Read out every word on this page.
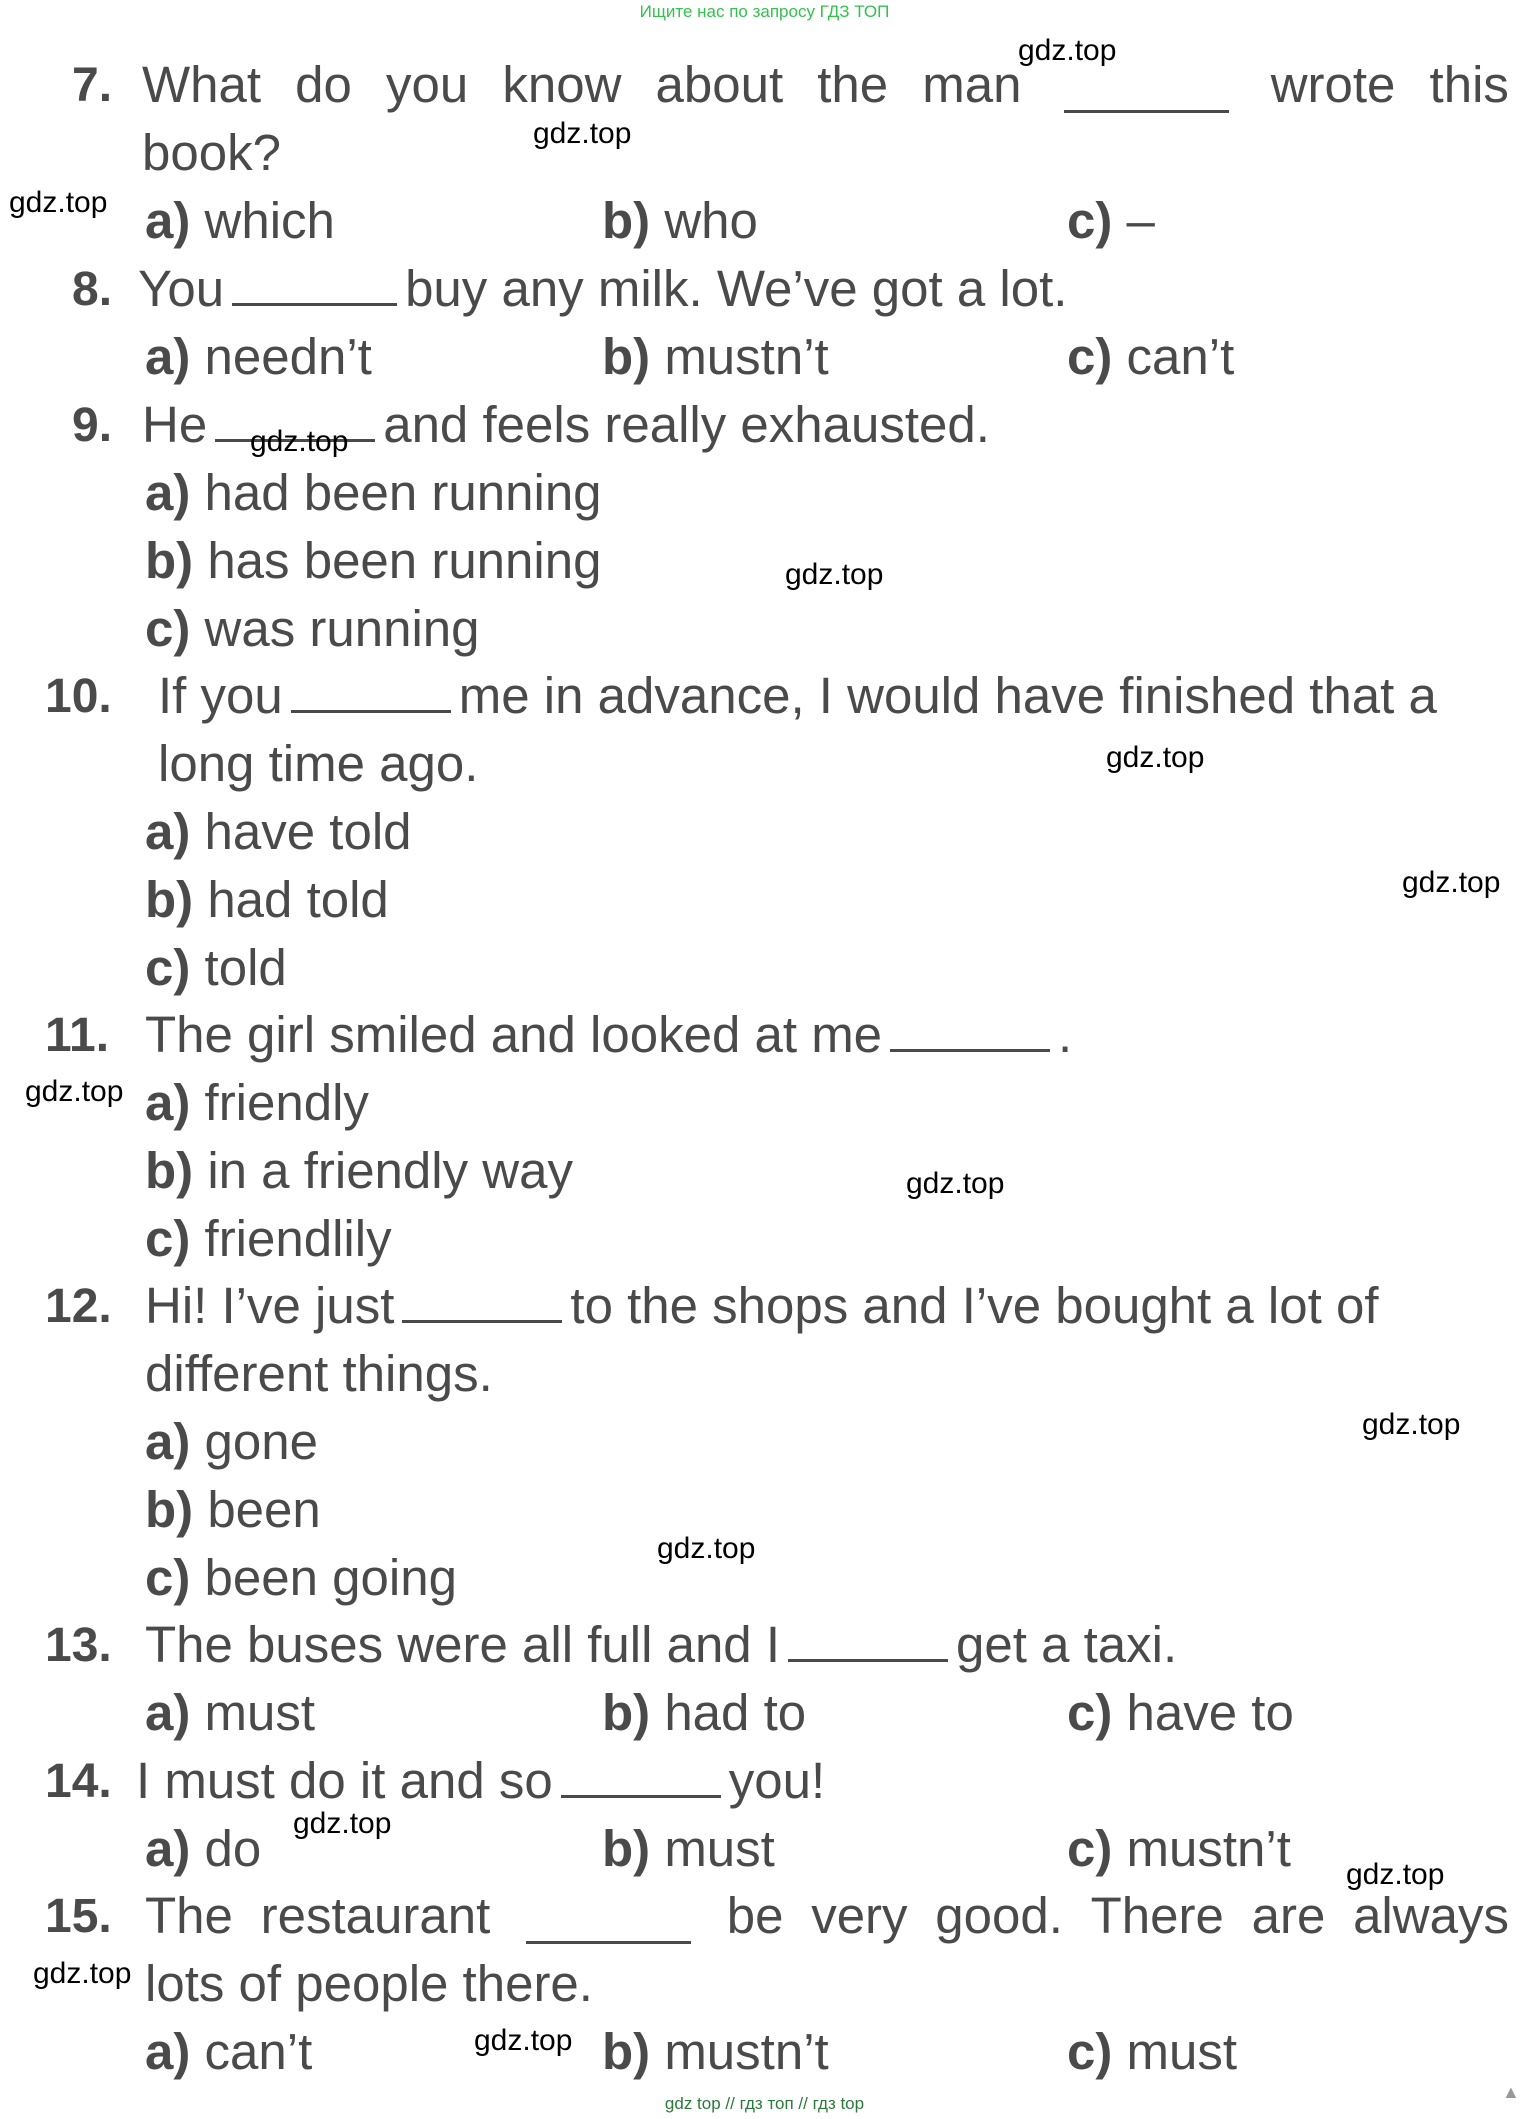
Ищите нас по запросу ГДЗ ТОП
7. What do you know about the man	wrote this
book?
a) which	b) who	c) –
8. You	buy any milk. We’ve got a lot.
a) needn’t	b) mustn’t	c) can’t
9. He	and feels really exhausted.
a) had been running
b) has been running
c) was running
10. If you	me in advance, I would have finished that a
long time ago.
a) have told
b) had told
c) told
11. The girl smiled and looked at me	.
a) friendly
b) in a friendly way
c) friendlily
12. Hi! I’ve just	to the shops and I’ve bought a lot of
different things.
a) gone
b) been
c) been going
13. The buses were all full and I	get a taxi.
a) must	b) had to	c) have to
14. I must do it and so	you!
a) do	b) must	c) mustn’t
15. The restaurant	be very good. There are always
lots of people there.
a) can’t	b) mustn’t	c) must
gdz.top
gdz.top
gdz.top
gdz.top
gdz.top
gdz.top
gdz.top
gdz.top
gdz.top
gdz.top
gdz.top
gdz.top
gdz.top
gdz.top
gdz.top
▲
gdz top // гдз топ // гдз top
